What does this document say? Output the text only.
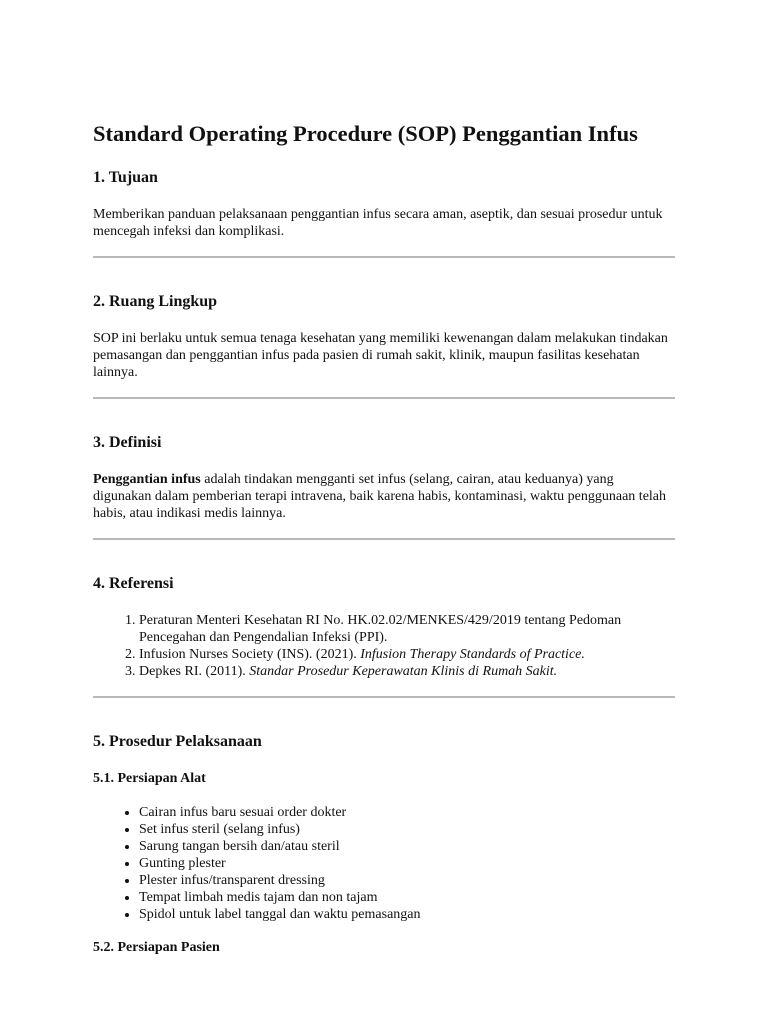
Standard Operating Procedure (SOP) Penggantian Infus
1. Tujuan

Memberikan panduan pelaksanaan penggantian infus secara aman, aseptik, dan sesuai prosedur untuk mencegah infeksi dan komplikasi.

2. Ruang Lingkup

SOP ini berlaku untuk semua tenaga kesehatan yang memiliki kewenangan dalam melakukan tindakan pemasangan dan penggantian infus pada pasien di rumah sakit, klinik, maupun fasilitas kesehatan lainnya.

3. Definisi

Penggantian infus adalah tindakan mengganti set infus (selang, cairan, atau keduanya) yang digunakan dalam pemberian terapi intravena, baik karena habis, kontaminasi, waktu penggunaan telah habis, atau indikasi medis lainnya.

4. Referensi
1. Peraturan Menteri Kesehatan RI No. HK.02.02/MENKES/429/2019 tentang Pedoman Pencegahan dan Pengendalian Infeksi (PPI).
2. Infusion Nurses Society (INS). (2021). Infusion Therapy Standards of Practice.
3. Depkes RI. (2011). Standar Prosedur Keperawatan Klinis di Rumah Sakit.
5. Prosedur Pelaksanaan
5.1. Persiapan Alat
• Cairan infus baru sesuai order dokter
• Set infus steril (selang infus)
• Sarung tangan bersih dan/atau steril
• Gunting plester
• Plester infus/transparent dressing
• Tempat limbah medis tajam dan non tajam
• Spidol untuk label tanggal dan waktu pemasangan
5.2. Persiapan Pasien
